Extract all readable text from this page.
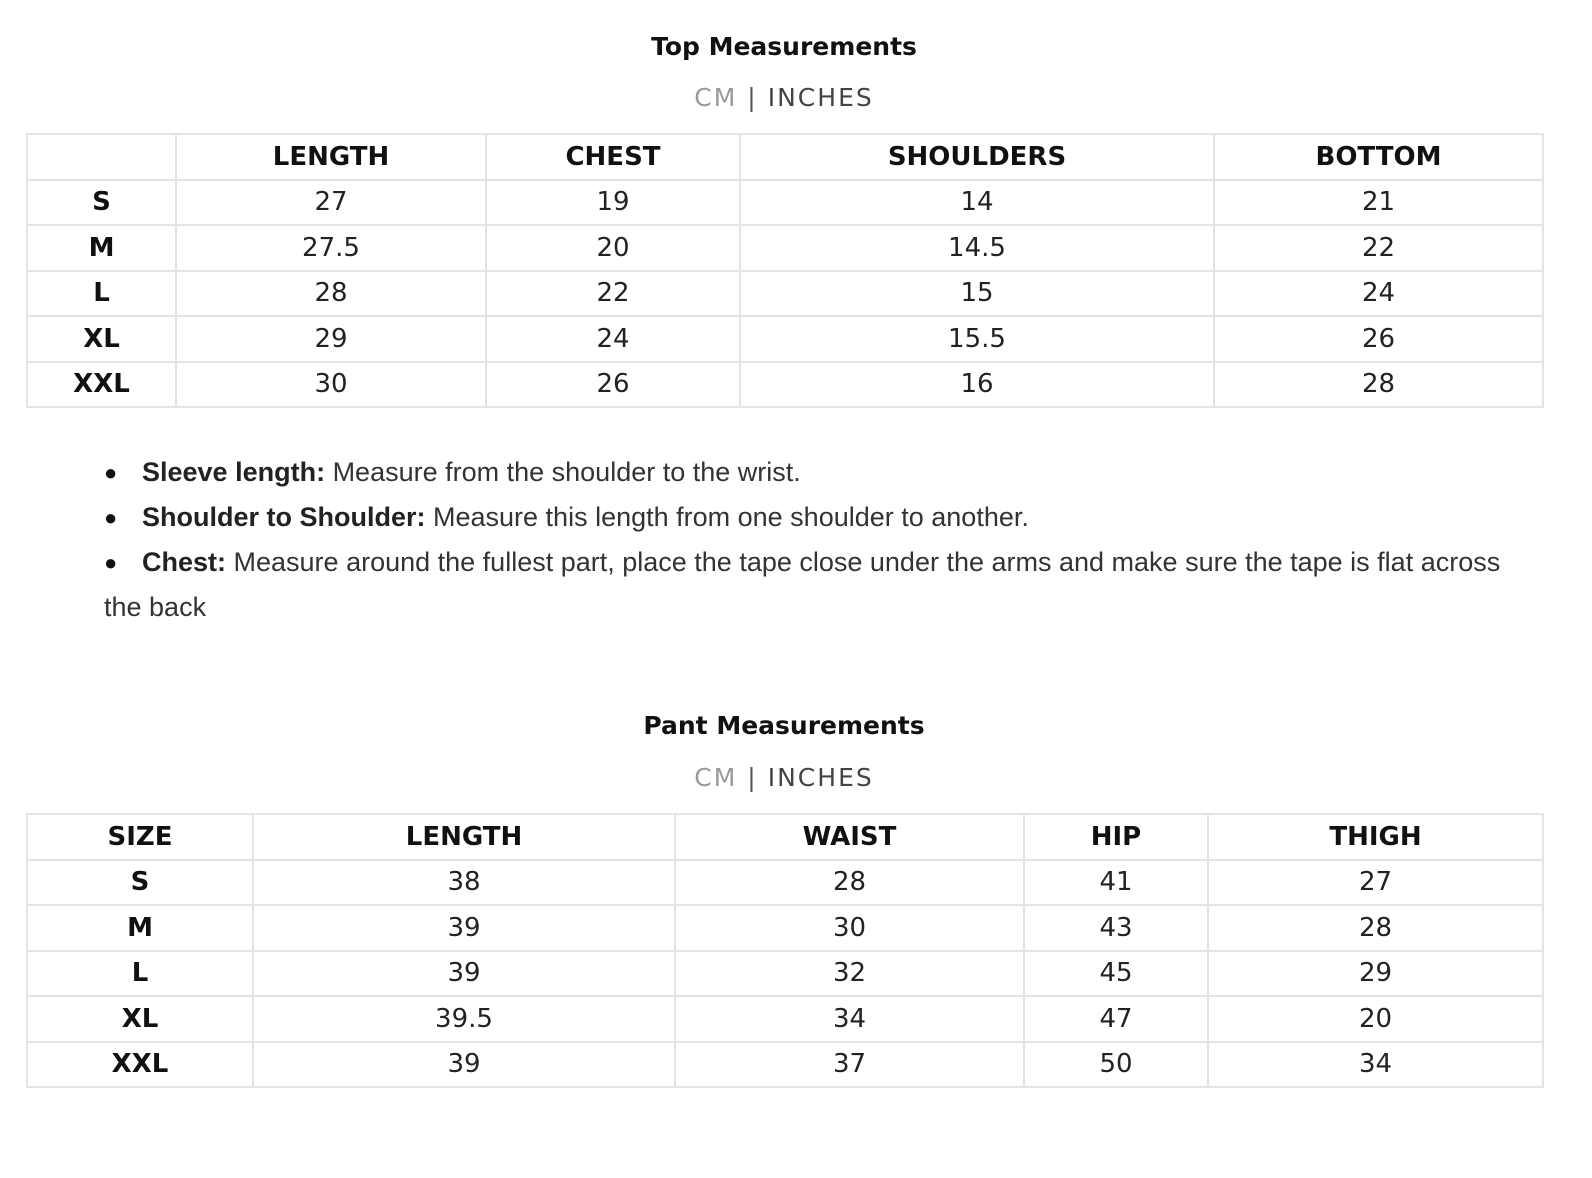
Top Measurements
CM | INCHES
	LENGTH	CHEST	SHOULDERS	BOTTOM
S	27	19	14	21
M	27.5	20	14.5	22
L	28	22	15	24
XL	29	24	15.5	26
XXL	30	26	16	28
● Sleeve length: Measure from the shoulder to the wrist.
● Shoulder to Shoulder: Measure this length from one shoulder to another.
● Chest: Measure around the fullest part, place the tape close under the arms and make sure the tape is flat across the back
Pant Measurements
CM | INCHES
SIZE	LENGTH	WAIST	HIP	THIGH
S	38	28	41	27
M	39	30	43	28
L	39	32	45	29
XL	39.5	34	47	20
XXL	39	37	50	34
